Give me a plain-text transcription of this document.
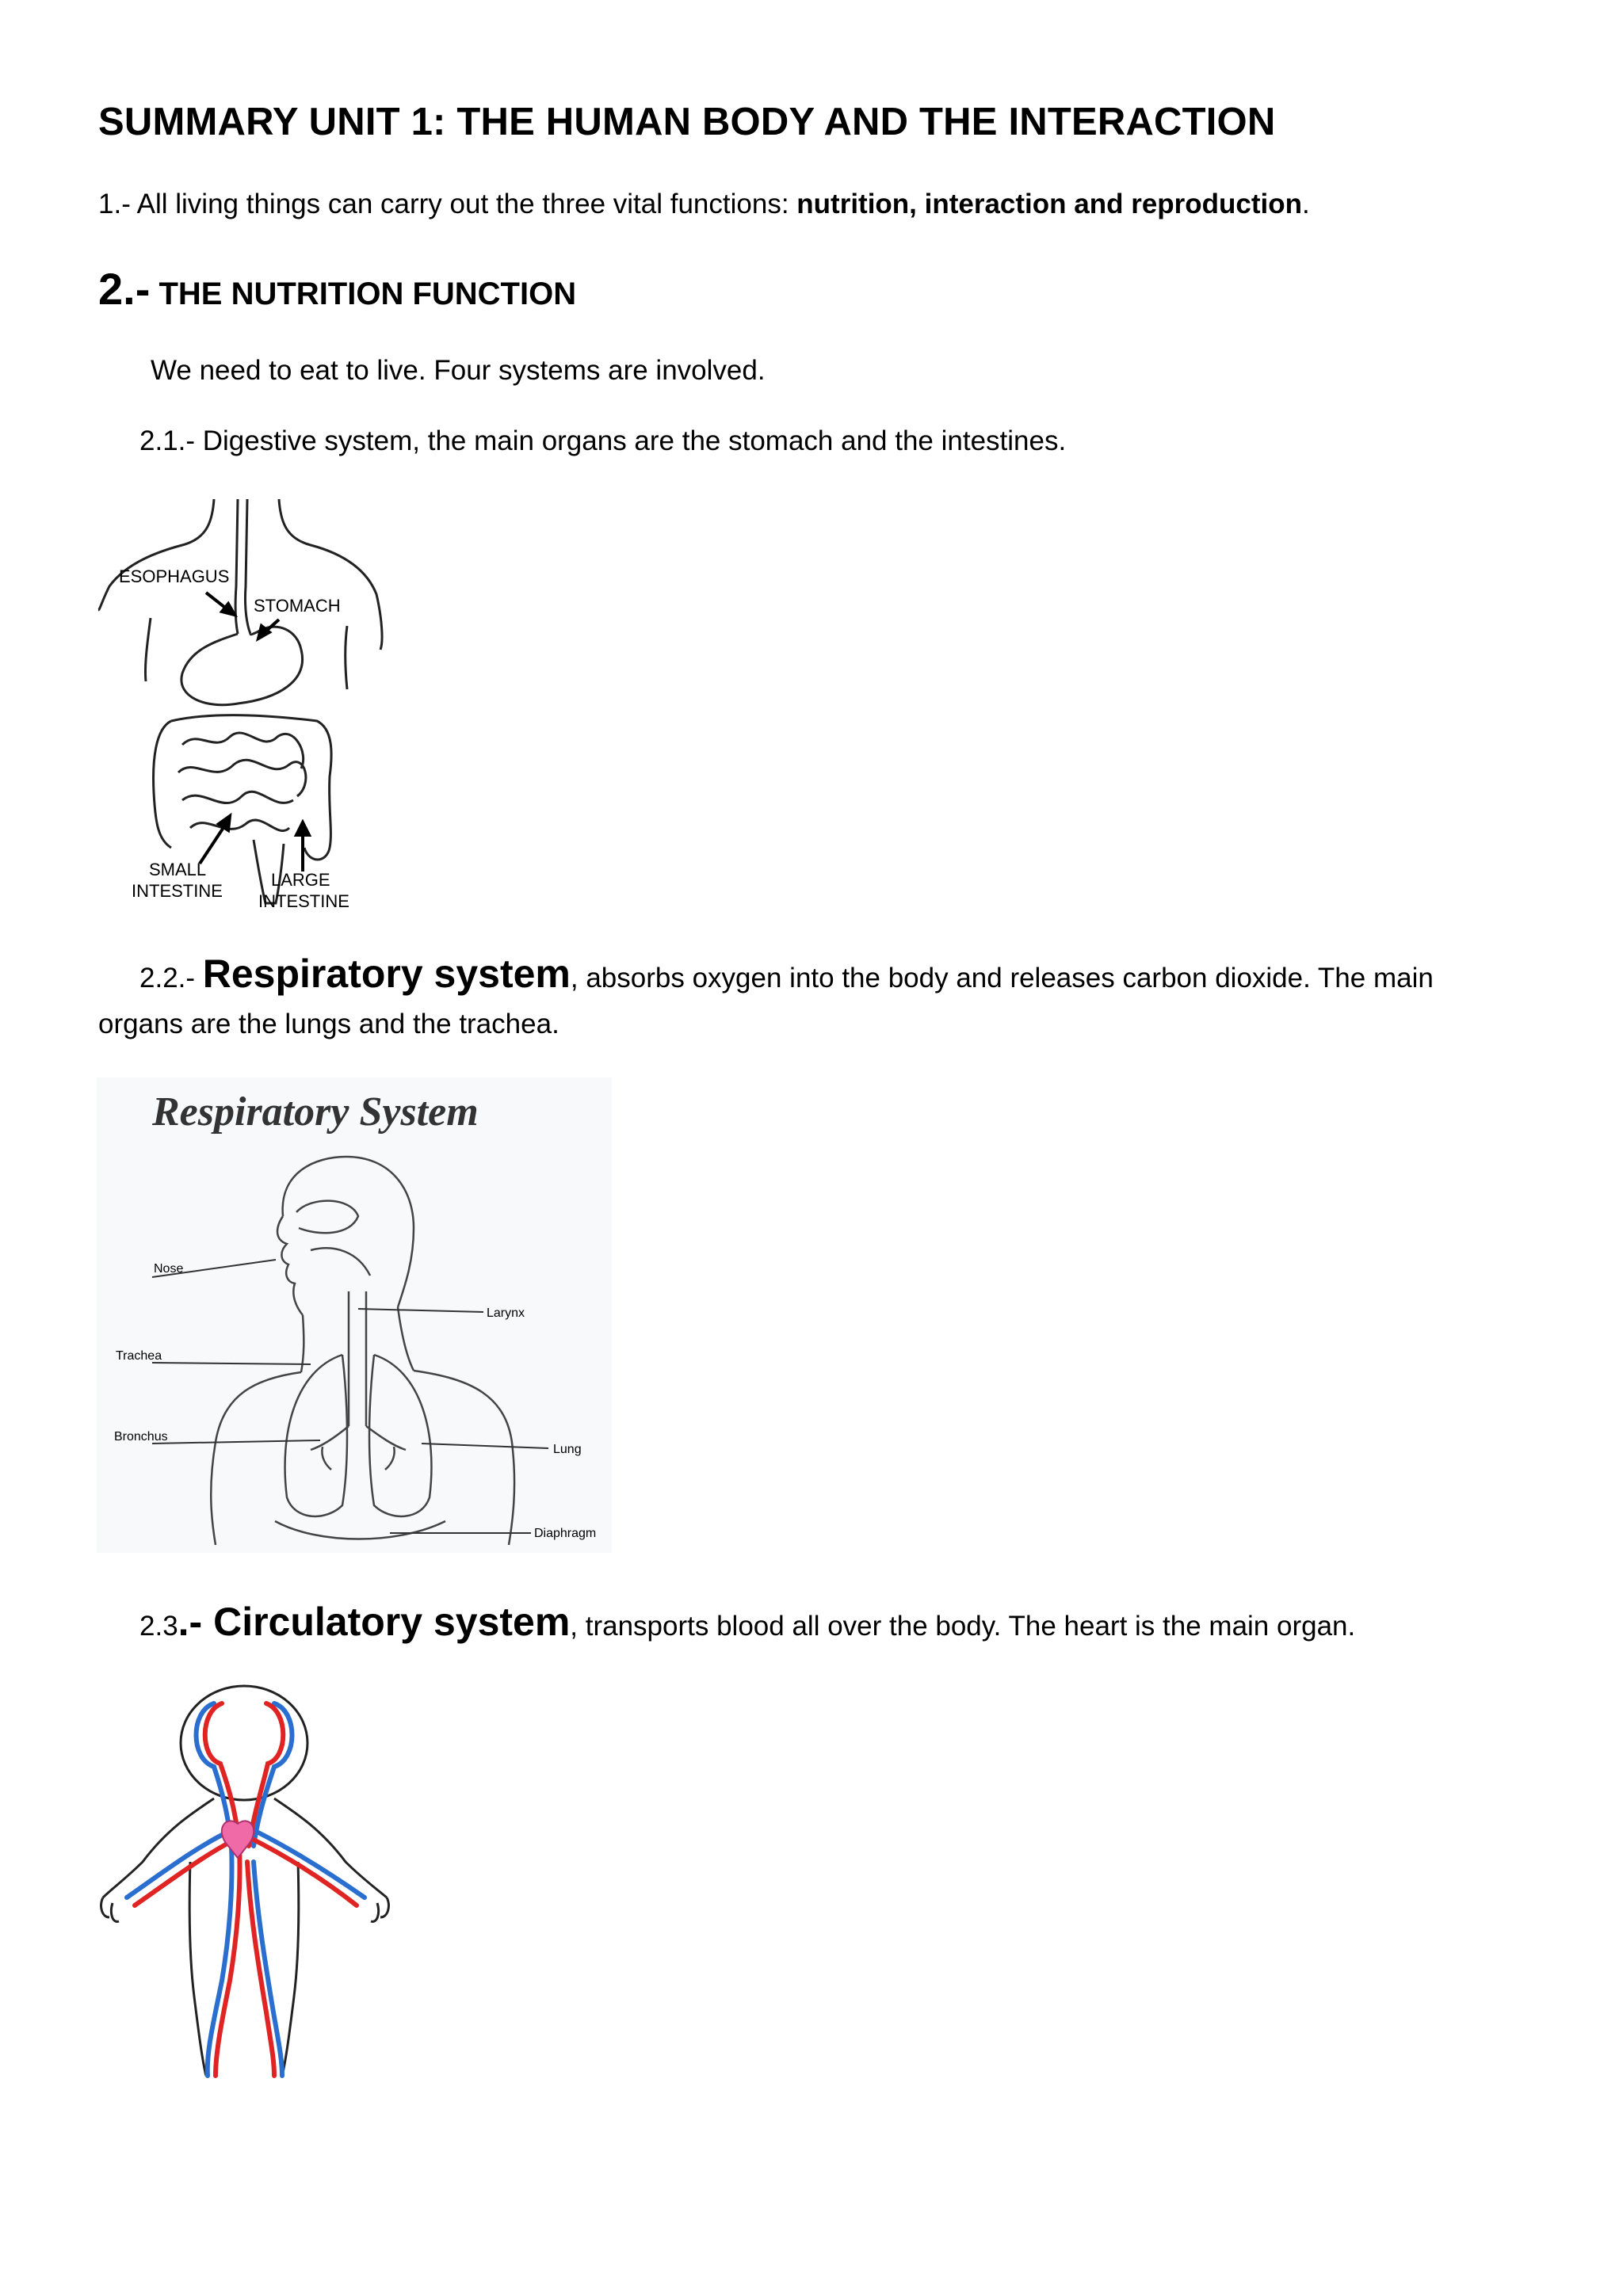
SUMMARY UNIT 1: THE HUMAN BODY AND THE INTERACTION
1.- All living things can carry out the three vital functions: nutrition, interaction and reproduction.
2.- THE NUTRITION FUNCTION
We need to eat to live. Four systems are involved.
2.1.- Digestive system, the main organs are the stomach and the intestines.
ESOPHAGUS
STOMACH
SMALL
INTESTINE
LARGE
INTESTINE
2.2.- Respiratory system, absorbs oxygen into the body and releases carbon dioxide. The main organs are the lungs and the trachea.
Respiratory System
Nose
Larynx
Trachea
Bronchus
Lung
Diaphragm
2.3.- Circulatory system, transports blood all over the body. The heart is the main organ.
